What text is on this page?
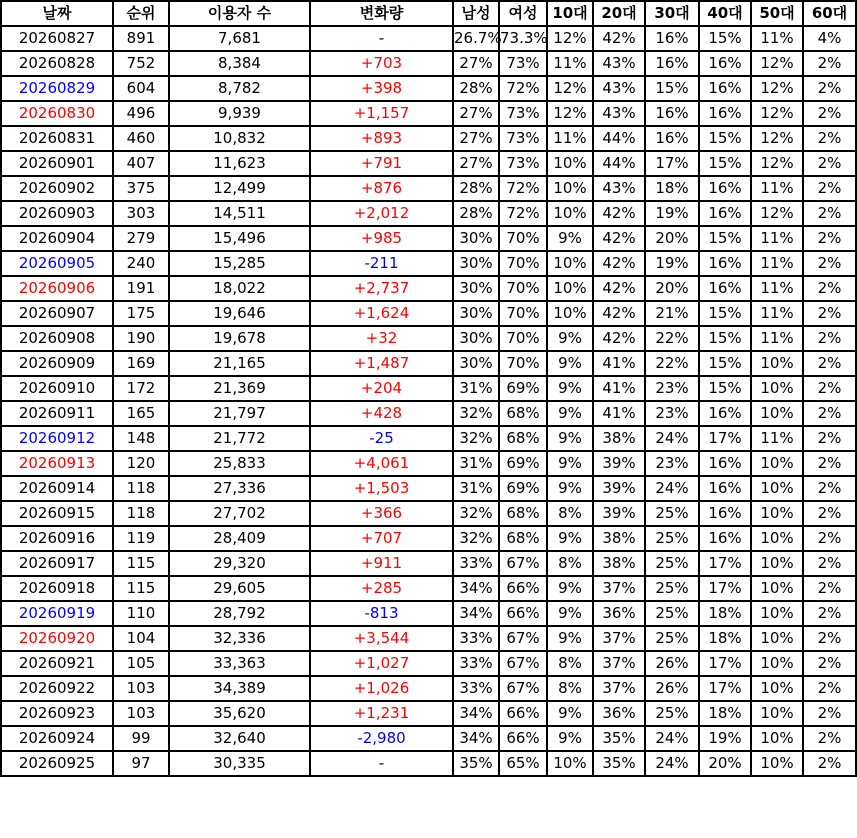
날짜	순위	이용자 수	변화량	남성	여성	10대	20대	30대	40대	50대	60대
20260827	891	7,681	-	26.7%	73.3%	12%	42%	16%	15%	11%	4%
20260828	752	8,384	+703	27%	73%	11%	43%	16%	16%	12%	2%
20260829	604	8,782	+398	28%	72%	12%	43%	15%	16%	12%	2%
20260830	496	9,939	+1,157	27%	73%	12%	43%	16%	16%	12%	2%
20260831	460	10,832	+893	27%	73%	11%	44%	16%	15%	12%	2%
20260901	407	11,623	+791	27%	73%	10%	44%	17%	15%	12%	2%
20260902	375	12,499	+876	28%	72%	10%	43%	18%	16%	11%	2%
20260903	303	14,511	+2,012	28%	72%	10%	42%	19%	16%	12%	2%
20260904	279	15,496	+985	30%	70%	9%	42%	20%	15%	11%	2%
20260905	240	15,285	-211	30%	70%	10%	42%	19%	16%	11%	2%
20260906	191	18,022	+2,737	30%	70%	10%	42%	20%	16%	11%	2%
20260907	175	19,646	+1,624	30%	70%	10%	42%	21%	15%	11%	2%
20260908	190	19,678	+32	30%	70%	9%	42%	22%	15%	11%	2%
20260909	169	21,165	+1,487	30%	70%	9%	41%	22%	15%	10%	2%
20260910	172	21,369	+204	31%	69%	9%	41%	23%	15%	10%	2%
20260911	165	21,797	+428	32%	68%	9%	41%	23%	16%	10%	2%
20260912	148	21,772	-25	32%	68%	9%	38%	24%	17%	11%	2%
20260913	120	25,833	+4,061	31%	69%	9%	39%	23%	16%	10%	2%
20260914	118	27,336	+1,503	31%	69%	9%	39%	24%	16%	10%	2%
20260915	118	27,702	+366	32%	68%	8%	39%	25%	16%	10%	2%
20260916	119	28,409	+707	32%	68%	9%	38%	25%	16%	10%	2%
20260917	115	29,320	+911	33%	67%	8%	38%	25%	17%	10%	2%
20260918	115	29,605	+285	34%	66%	9%	37%	25%	17%	10%	2%
20260919	110	28,792	-813	34%	66%	9%	36%	25%	18%	10%	2%
20260920	104	32,336	+3,544	33%	67%	9%	37%	25%	18%	10%	2%
20260921	105	33,363	+1,027	33%	67%	8%	37%	26%	17%	10%	2%
20260922	103	34,389	+1,026	33%	67%	8%	37%	26%	17%	10%	2%
20260923	103	35,620	+1,231	34%	66%	9%	36%	25%	18%	10%	2%
20260924	99	32,640	-2,980	34%	66%	9%	35%	24%	19%	10%	2%
20260925	97	30,335	-	35%	65%	10%	35%	24%	20%	10%	2%
